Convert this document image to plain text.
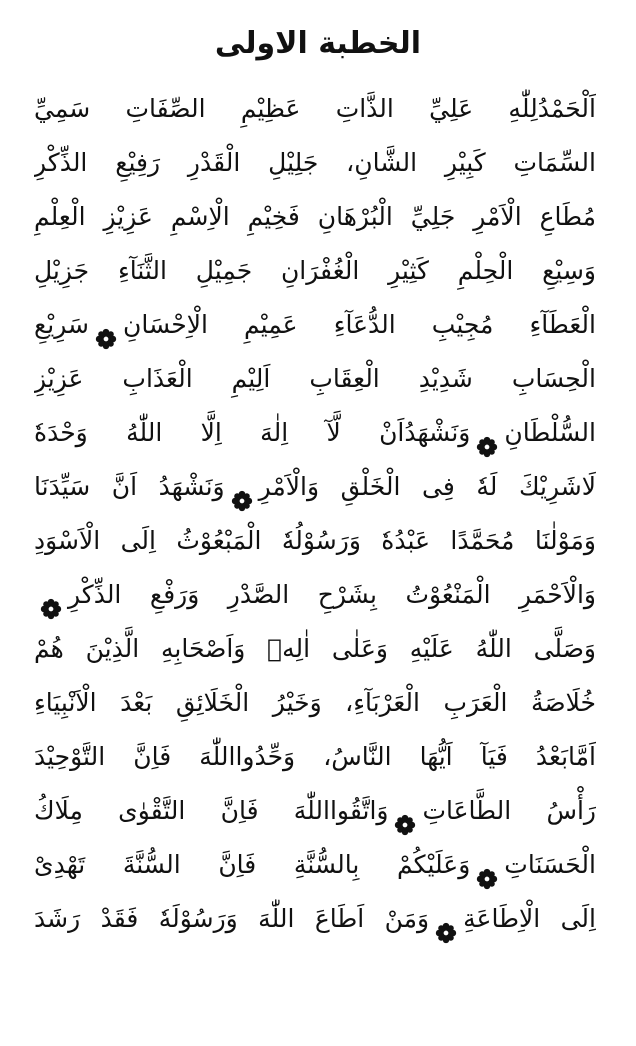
الخطبة الاولى
اَلْحَمْدُلِلّٰهِ عَلِيِّ الذَّاتِ عَظِيْمِ الصِّفَاتِ سَمِيِّ
السِّمَاتِ كَبِيْرِ الشَّانِ، جَلِيْلِ الْقَدْرِ رَفِيْعِ الذِّكْرِ
مُطَاعِ الْاَمْرِ جَلِيِّ الْبُرْهَانِ فَخِيْمِ الْاِسْمِ عَزِيْزِ الْعِلْمِ
وَسِيْعِ الْحِلْمِ كَثِيْرِ الْغُفْرَانِ جَمِيْلِ الثَّنَآءِ جَزِيْلِ
الْعَطَآءِ مُجِيْبِ الدُّعَآءِ عَمِيْمِ الْاِحْسَانِسَرِيْعِ
الْحِسَابِ شَدِيْدِ الْعِقَابِ اَلِيْمِ الْعَذَابِ عَزِيْزِ
السُّلْطَانِوَنَشْهَدُاَنْ لَّآ اِلٰهَ اِلَّا اللّٰهُ وَحْدَهٗ
لَاشَرِيْكَ لَهٗ فِى الْخَلْقِ وَالْاَمْرِوَنَشْهَدُ اَنَّ سَيِّدَنَا
وَمَوْلٰنَا مُحَمَّدًا عَبْدُهٗ وَرَسُوْلُهٗ الْمَبْعُوْثُ اِلَى الْاَسْوَدِ
وَالْاَحْمَرِ الْمَنْعُوْتُ بِشَرْحِ الصَّدْرِ وَرَفْعِ الذِّكْرِ
وَصَلَّى اللّٰهُ عَلَيْهِ وَعَلٰى اٰلِهٖ وَاَصْحَابِهِ الَّذِيْنَ هُمْ
خُلَاصَةُ الْعَرَبِ الْعَرْبَآءِ، وَخَيْرُ الْخَلَائِقِ بَعْدَ الْاَنْبِيَاءِ
اَمَّابَعْدُ فَيَآ اَيُّهَا النَّاسُ، وَحِّدُوااللّٰهَ فَاِنَّ التَّوْحِيْدَ
رَأْسُ الطَّاعَاتِوَاتَّقُوااللّٰهَ فَاِنَّ التَّقْوٰى مِلَاكُ
الْحَسَنَاتِوَعَلَيْكُمْ بِالسُّنَّةِ فَاِنَّ السُّنَّةَ تَهْدِىْ
اِلَى الْاِطَاعَةِوَمَنْ اَطَاعَ اللّٰهَ وَرَسُوْلَهٗ فَقَدْ رَشَدَ
